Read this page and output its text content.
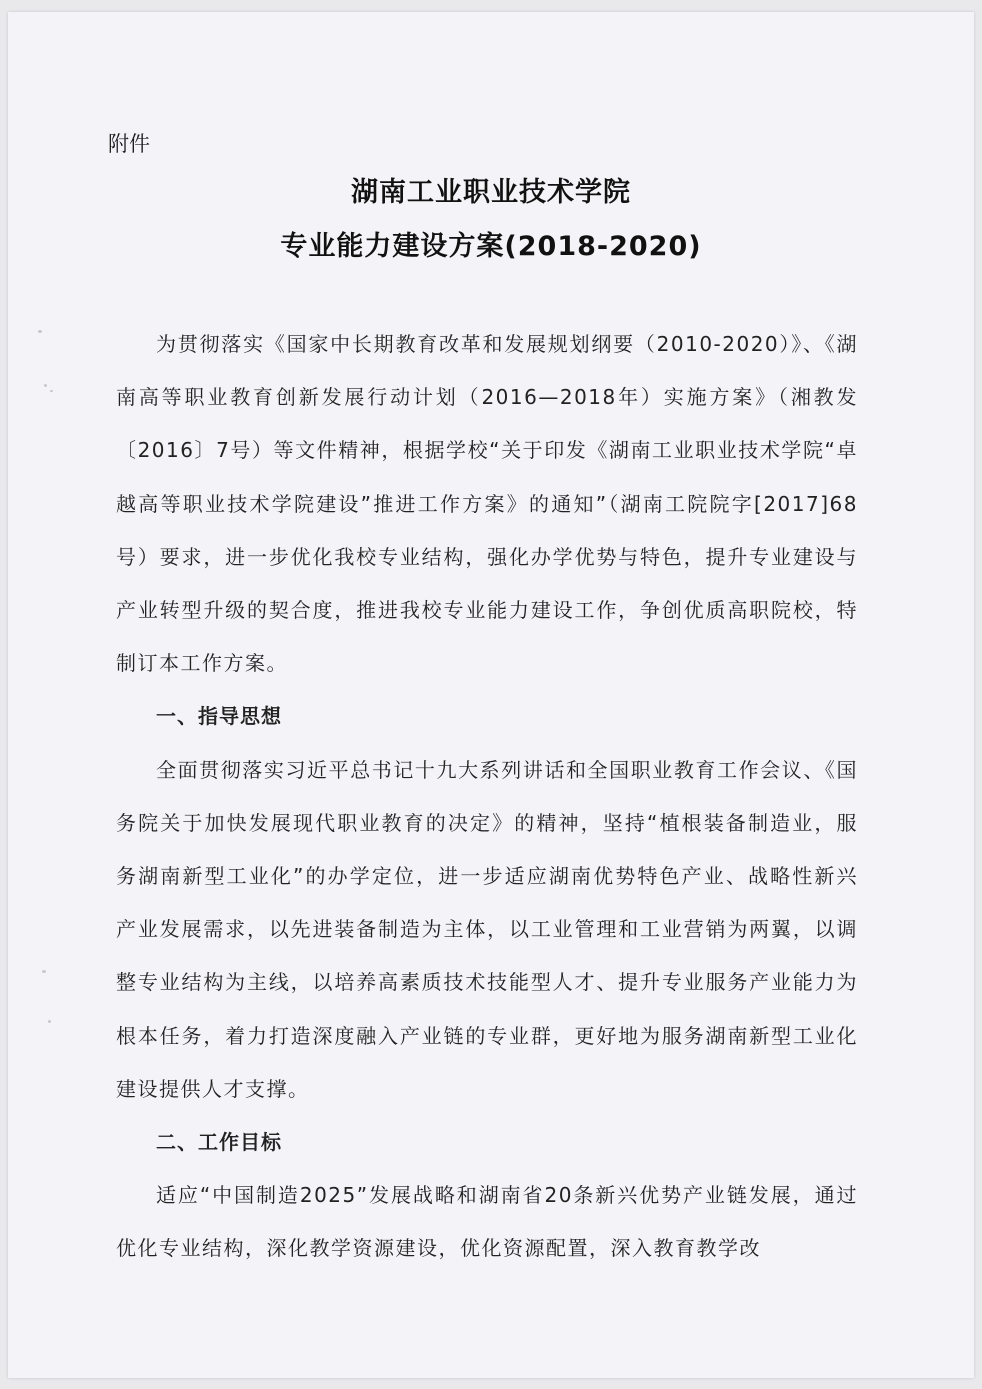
附件
湖南工业职业技术学院
专业能力建设方案(2018-2020)

为贯彻落实《国家中长期教育改革和发展规划纲要（2010-2020）》、《湖南高等职业教育创新发展行动计划（2016—2018年）实施方案》（湘教发〔2016〕7号）等文件精神，根据学校“关于印发《湖南工业职业技术学院“卓越高等职业技术学院建设”推进工作方案》的通知”（湖南工院院字[2017]68号）要求，进一步优化我校专业结构，强化办学优势与特色，提升专业建设与产业转型升级的契合度，推进我校专业能力建设工作，争创优质高职院校，特制订本工作方案。

一、指导思想

全面贯彻落实习近平总书记十九大系列讲话和全国职业教育工作会议、《国务院关于加快发展现代职业教育的决定》的精神，坚持“植根装备制造业，服务湖南新型工业化”的办学定位，进一步适应湖南优势特色产业、战略性新兴产业发展需求，以先进装备制造为主体，以工业管理和工业营销为两翼，以调整专业结构为主线，以培养高素质技术技能型人才、提升专业服务产业能力为根本任务，着力打造深度融入产业链的专业群，更好地为服务湖南新型工业化建设提供人才支撑。

二、工作目标

适应“中国制造2025”发展战略和湖南省20条新兴优势产业链发展，通过优化专业结构，深化教学资源建设，优化资源配置，深入教育教学改
